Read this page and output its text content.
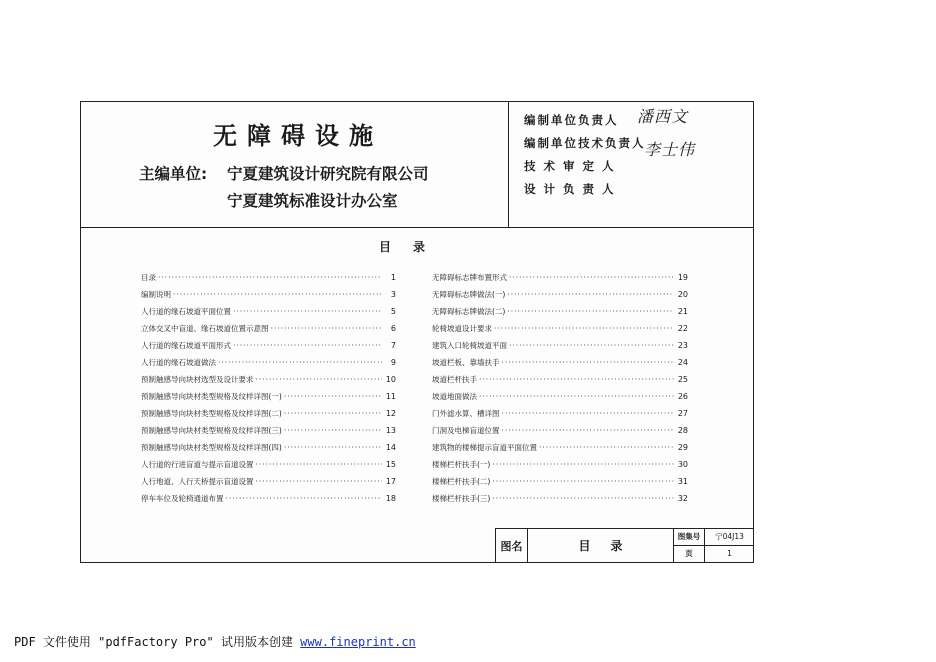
无障碍设施
主编单位: 宁夏建筑设计研究院有限公司
宁夏建筑标准设计办公室
编制单位负责人 潘西文
编制单位技术负责人
李士伟
技 术 审 定 人
设 计 负 责 人
目录
目录 ·····	1
编制说明 ·····	3
人行道的缘石坡道平面位置 ·····	5
立体交叉中盲道、缘石坡道位置示意图 ·····	6
人行道的缘石坡道平面形式 ·····	7
人行道的缘石坡道做法 ·····	9
预制触感导向块材选型及设计要求 ·····	10
预制触感导向块材类型规格及纹样详图(一) ·····	11
预制触感导向块材类型规格及纹样详图(二) ·····	12
预制触感导向块材类型规格及纹样详图(三) ·····	13
预制触感导向块材类型规格及纹样详图(四) ·····	14
人行道的行进盲道与提示盲道设置 ·····	15
人行地道、人行天桥提示盲道设置 ·····	17
停车车位及轮椅通道布置 ·····	18
无障碍标志牌布置形式 ·····	19
无障碍标志牌做法(一) ·····	20
无障碍标志牌做法(二) ·····	21
轮椅坡道设计要求 ·····	22
建筑入口轮椅坡道平面 ·····	23
坡道栏板、靠墙扶手 ·····	24
坡道栏杆扶手 ·····	25
坡道地面做法 ·····	26
门外滤水算、槽详图 ·····	27
门洞及电梯盲道位置 ·····	28
建筑物的楼梯提示盲道平面位置 ·····	29
楼梯栏杆扶手(一) ·····	30
楼梯栏杆扶手(二) ·····	31
楼梯栏杆扶手(三) ·····	32
图名	目录
图集号	宁04J13
页	1
PDF 文件使用 "pdfFactory Pro" 试用版本创建 www.fineprint.cn
